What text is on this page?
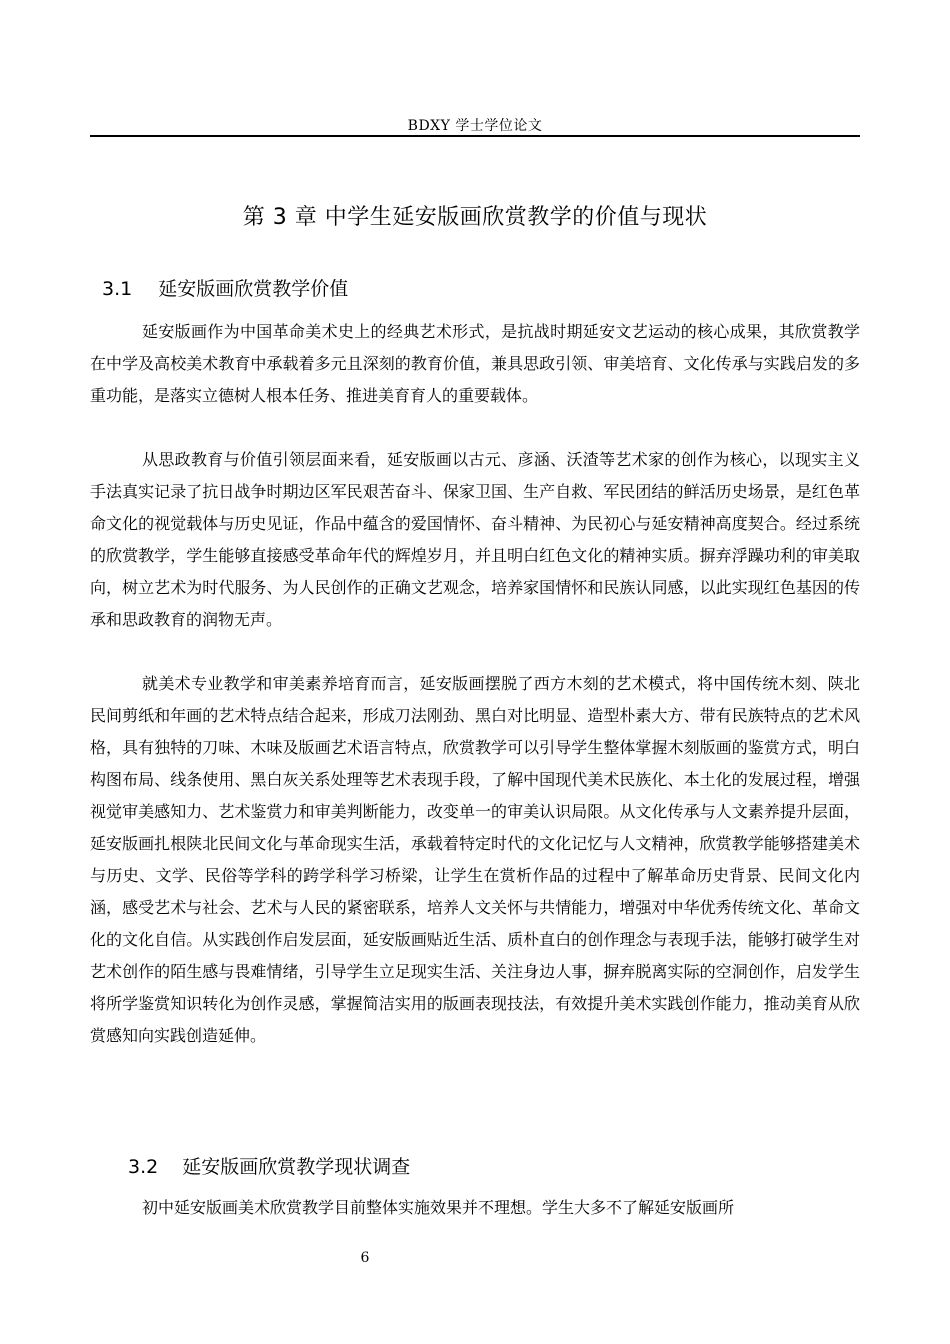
BDXY 学士学位论文
第 3 章 中学生延安版画欣赏教学的价值与现状
3.1 延安版画欣赏教学价值

延安版画作为中国革命美术史上的经典艺术形式，是抗战时期延安文艺运动的核心成果，其欣赏教学在中学及高校美术教育中承载着多元且深刻的教育价值，兼具思政引领、审美培育、文化传承与实践启发的多重功能，是落实立德树人根本任务、推进美育育人的重要载体。

从思政教育与价值引领层面来看，延安版画以古元、彦涵、沃渣等艺术家的创作为核心，以现实主义手法真实记录了抗日战争时期边区军民艰苦奋斗、保家卫国、生产自救、军民团结的鲜活历史场景，是红色革命文化的视觉载体与历史见证，作品中蕴含的爱国情怀、奋斗精神、为民初心与延安精神高度契合。经过系统的欣赏教学，学生能够直接感受革命年代的辉煌岁月，并且明白红色文化的精神实质。摒弃浮躁功利的审美取向，树立艺术为时代服务、为人民创作的正确文艺观念，培养家国情怀和民族认同感，以此实现红色基因的传承和思政教育的润物无声。

就美术专业教学和审美素养培育而言，延安版画摆脱了西方木刻的艺术模式，将中国传统木刻、陕北民间剪纸和年画的艺术特点结合起来，形成刀法刚劲、黑白对比明显、造型朴素大方、带有民族特点的艺术风格，具有独特的刀味、木味及版画艺术语言特点，欣赏教学可以引导学生整体掌握木刻版画的鉴赏方式，明白构图布局、线条使用、黑白灰关系处理等艺术表现手段，了解中国现代美术民族化、本土化的发展过程，增强视觉审美感知力、艺术鉴赏力和审美判断能力，改变单一的审美认识局限。从文化传承与人文素养提升层面，延安版画扎根陕北民间文化与革命现实生活，承载着特定时代的文化记忆与人文精神，欣赏教学能够搭建美术与历史、文学、民俗等学科的跨学科学习桥梁，让学生在赏析作品的过程中了解革命历史背景、民间文化内涵，感受艺术与社会、艺术与人民的紧密联系，培养人文关怀与共情能力，增强对中华优秀传统文化、革命文化的文化自信。从实践创作启发层面，延安版画贴近生活、质朴直白的创作理念与表现手法，能够打破学生对艺术创作的陌生感与畏难情绪，引导学生立足现实生活、关注身边人事，摒弃脱离实际的空洞创作，启发学生将所学鉴赏知识转化为创作灵感，掌握简洁实用的版画表现技法，有效提升美术实践创作能力，推动美育从欣赏感知向实践创造延伸。

3.2 延安版画欣赏教学现状调查

初中延安版画美术欣赏教学目前整体实施效果并不理想。学生大多不了解延安版画所

6
